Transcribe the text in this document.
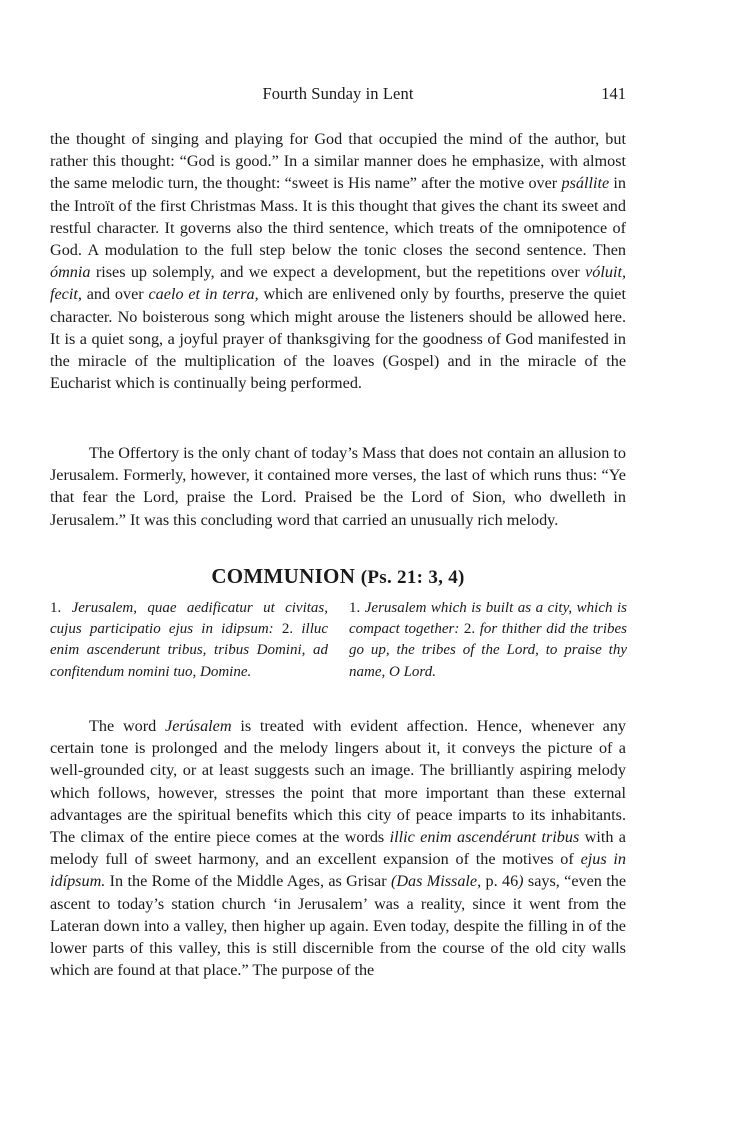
Fourth Sunday in Lent	141

the thought of singing and playing for God that occupied the mind of the author, but rather this thought: “God is good.” In a similar manner does he emphasize, with almost the same melodic turn, the thought: “sweet is His name” after the motive over psállite in the Introït of the first Christmas Mass. It is this thought that gives the chant its sweet and restful character. It governs also the third sentence, which treats of the omnipotence of God. A modulation to the full step below the tonic closes the second sentence. Then ómnia rises up solemply, and we expect a development, but the repetitions over vóluit, fecit, and over caelo et in terra, which are enlivened only by fourths, preserve the quiet character. No boisterous song which might arouse the listeners should be allowed here. It is a quiet song, a joyful prayer of thanksgiving for the goodness of God manifested in the miracle of the multiplication of the loaves (Gospel) and in the miracle of the Eucharist which is continually being performed.

The Offertory is the only chant of today’s Mass that does not contain an allusion to Jerusalem. Formerly, however, it contained more verses, the last of which runs thus: “Ye that fear the Lord, praise the Lord. Praised be the Lord of Sion, who dwelleth in Jerusalem.” It was this concluding word that carried an unusually rich melody.

COMMUNION (Ps. 21: 3, 4)
1. Jerusalem, quae aedificatur ut civitas, cujus participatio ejus in idipsum: 2. illuc enim ascenderunt tribus, tribus Domini, ad confitendum nomini tuo, Domine.
1. Jerusalem which is built as a city, which is compact together: 2. for thither did the tribes go up, the tribes of the Lord, to praise thy name, O Lord.

The word Jerúsalem is treated with evident affection. Hence, whenever any certain tone is prolonged and the melody lingers about it, it conveys the picture of a well-grounded city, or at least suggests such an image. The brilliantly aspiring melody which follows, however, stresses the point that more important than these external advantages are the spiritual benefits which this city of peace imparts to its inhabitants. The climax of the entire piece comes at the words illic enim ascendérunt tribus with a melody full of sweet harmony, and an excellent expansion of the motives of ejus in idípsum. In the Rome of the Middle Ages, as Grisar (Das Missale, p. 46) says, “even the ascent to today’s station church ‘in Jerusalem’ was a reality, since it went from the Lateran down into a valley, then higher up again. Even today, despite the filling in of the lower parts of this valley, this is still discernible from the course of the old city walls which are found at that place.” The purpose of the
